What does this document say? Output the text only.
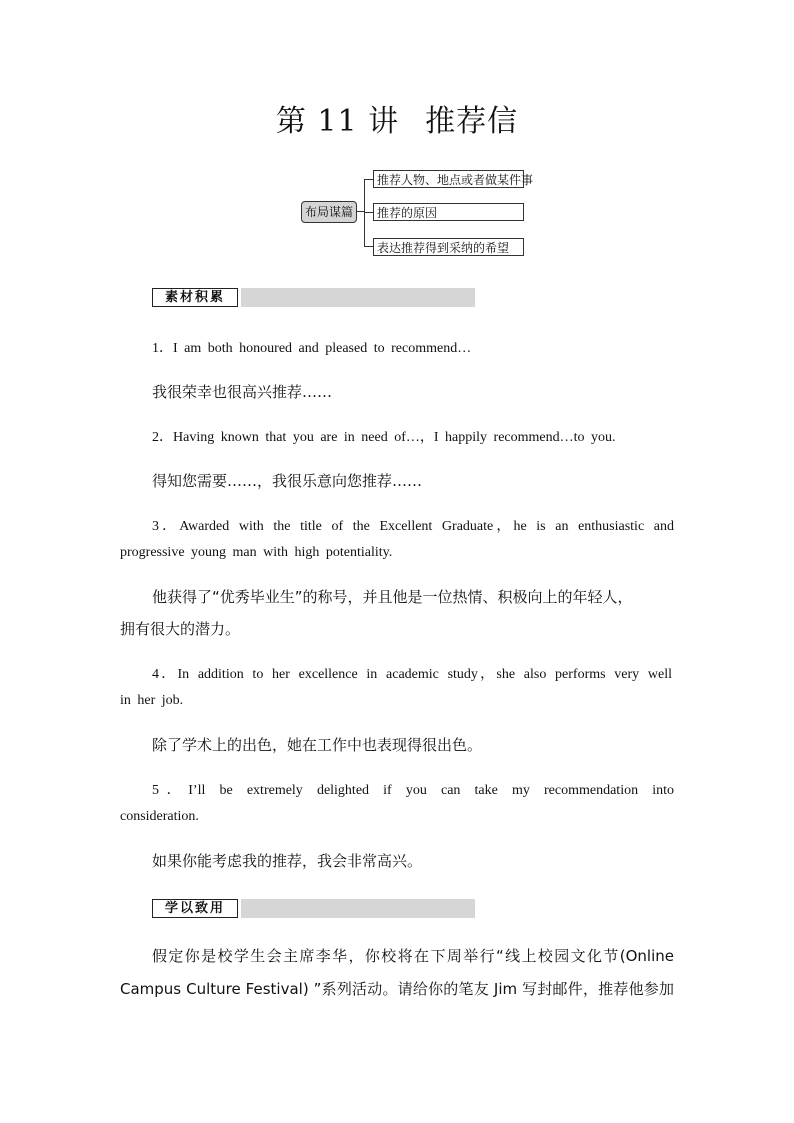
第 11 讲 推荐信
布局谋篇
推荐人物、地点或者做某件事
推荐的原因
表达推荐得到采纳的希望
素材积累
1．I am both honoured and pleased to recommend…
我很荣幸也很高兴推荐……
2．Having known that you are in need of…，I happily recommend…to you.
得知您需要……，我很乐意向您推荐……
3．Awarded with the title of the Excellent Graduate，he is an enthusiastic and
progressive young man with high potentiality.
他获得了“优秀毕业生”的称号，并且他是一位热情、积极向上的年轻人，
拥有很大的潜力。
4．In addition to her excellence in academic study，she also performs very well
in her job.
除了学术上的出色，她在工作中也表现得很出色。
5．I’ll be extremely delighted if you can take my recommendation into
consideration.
如果你能考虑我的推荐，我会非常高兴。
学以致用
假定你是校学生会主席李华，你校将在下周举行“线上校园文化节(Online
Campus Culture Festival) ”系列活动。请给你的笔友 Jim 写封邮件，推荐他参加
